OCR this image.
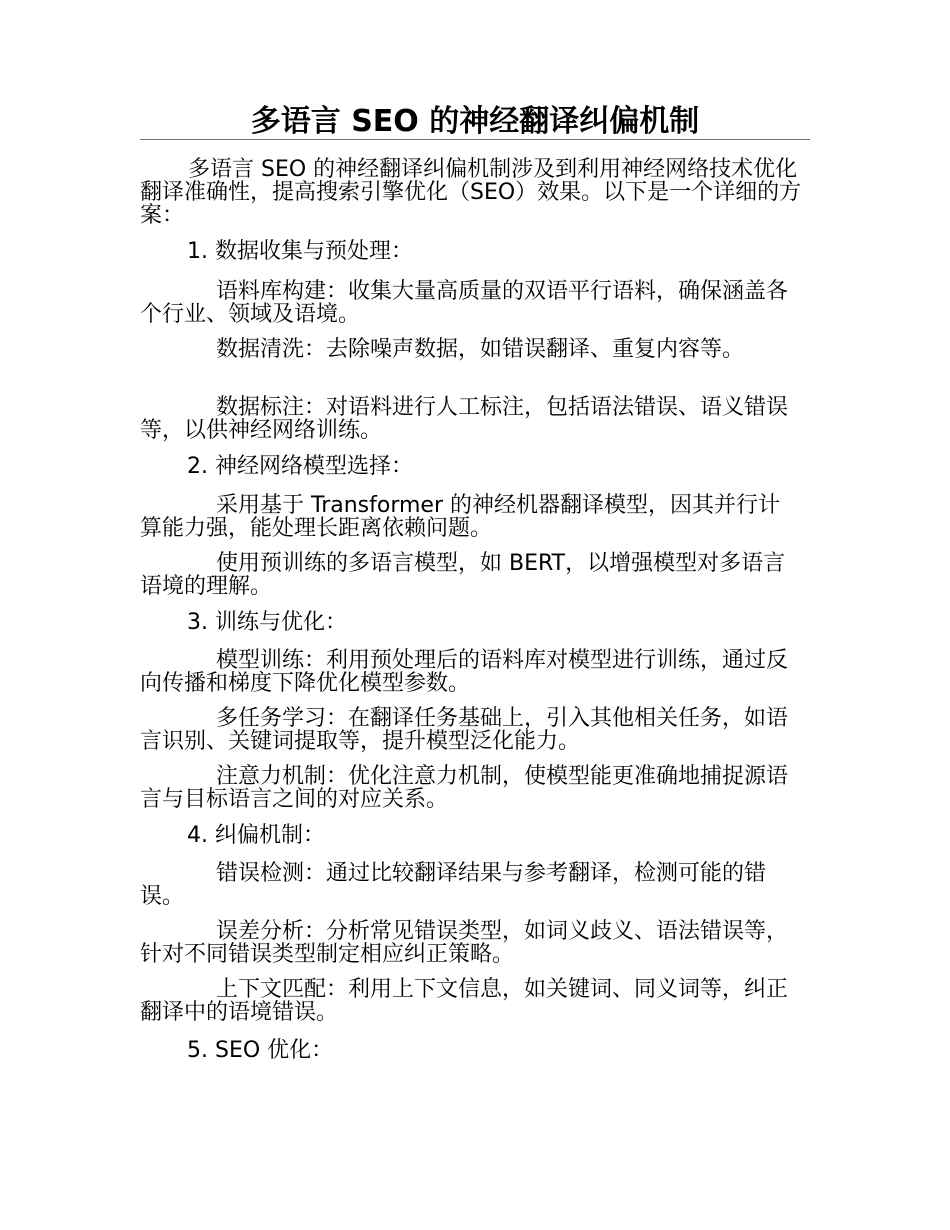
多语言 SEO 的神经翻译纠偏机制

多语言 SEO 的神经翻译纠偏机制涉及到利用神经网络技术优化翻译准确性，提高搜索引擎优化（SEO）效果。以下是一个详细的方案：

1. 数据收集与预处理：

语料库构建：收集大量高质量的双语平行语料，确保涵盖各个行业、领域及语境。

数据清洗：去除噪声数据，如错误翻译、重复内容等。

数据标注：对语料进行人工标注，包括语法错误、语义错误等，以供神经网络训练。

2. 神经网络模型选择：

采用基于 Transformer 的神经机器翻译模型，因其并行计算能力强，能处理长距离依赖问题。

使用预训练的多语言模型，如 BERT，以增强模型对多语言语境的理解。

3. 训练与优化：

模型训练：利用预处理后的语料库对模型进行训练，通过反向传播和梯度下降优化模型参数。

多任务学习：在翻译任务基础上，引入其他相关任务，如语言识别、关键词提取等，提升模型泛化能力。

注意力机制：优化注意力机制，使模型能更准确地捕捉源语言与目标语言之间的对应关系。

4. 纠偏机制：

错误检测：通过比较翻译结果与参考翻译，检测可能的错误。

误差分析：分析常见错误类型，如词义歧义、语法错误等，针对不同错误类型制定相应纠正策略。

上下文匹配：利用上下文信息，如关键词、同义词等，纠正翻译中的语境错误。

5. SEO 优化：
